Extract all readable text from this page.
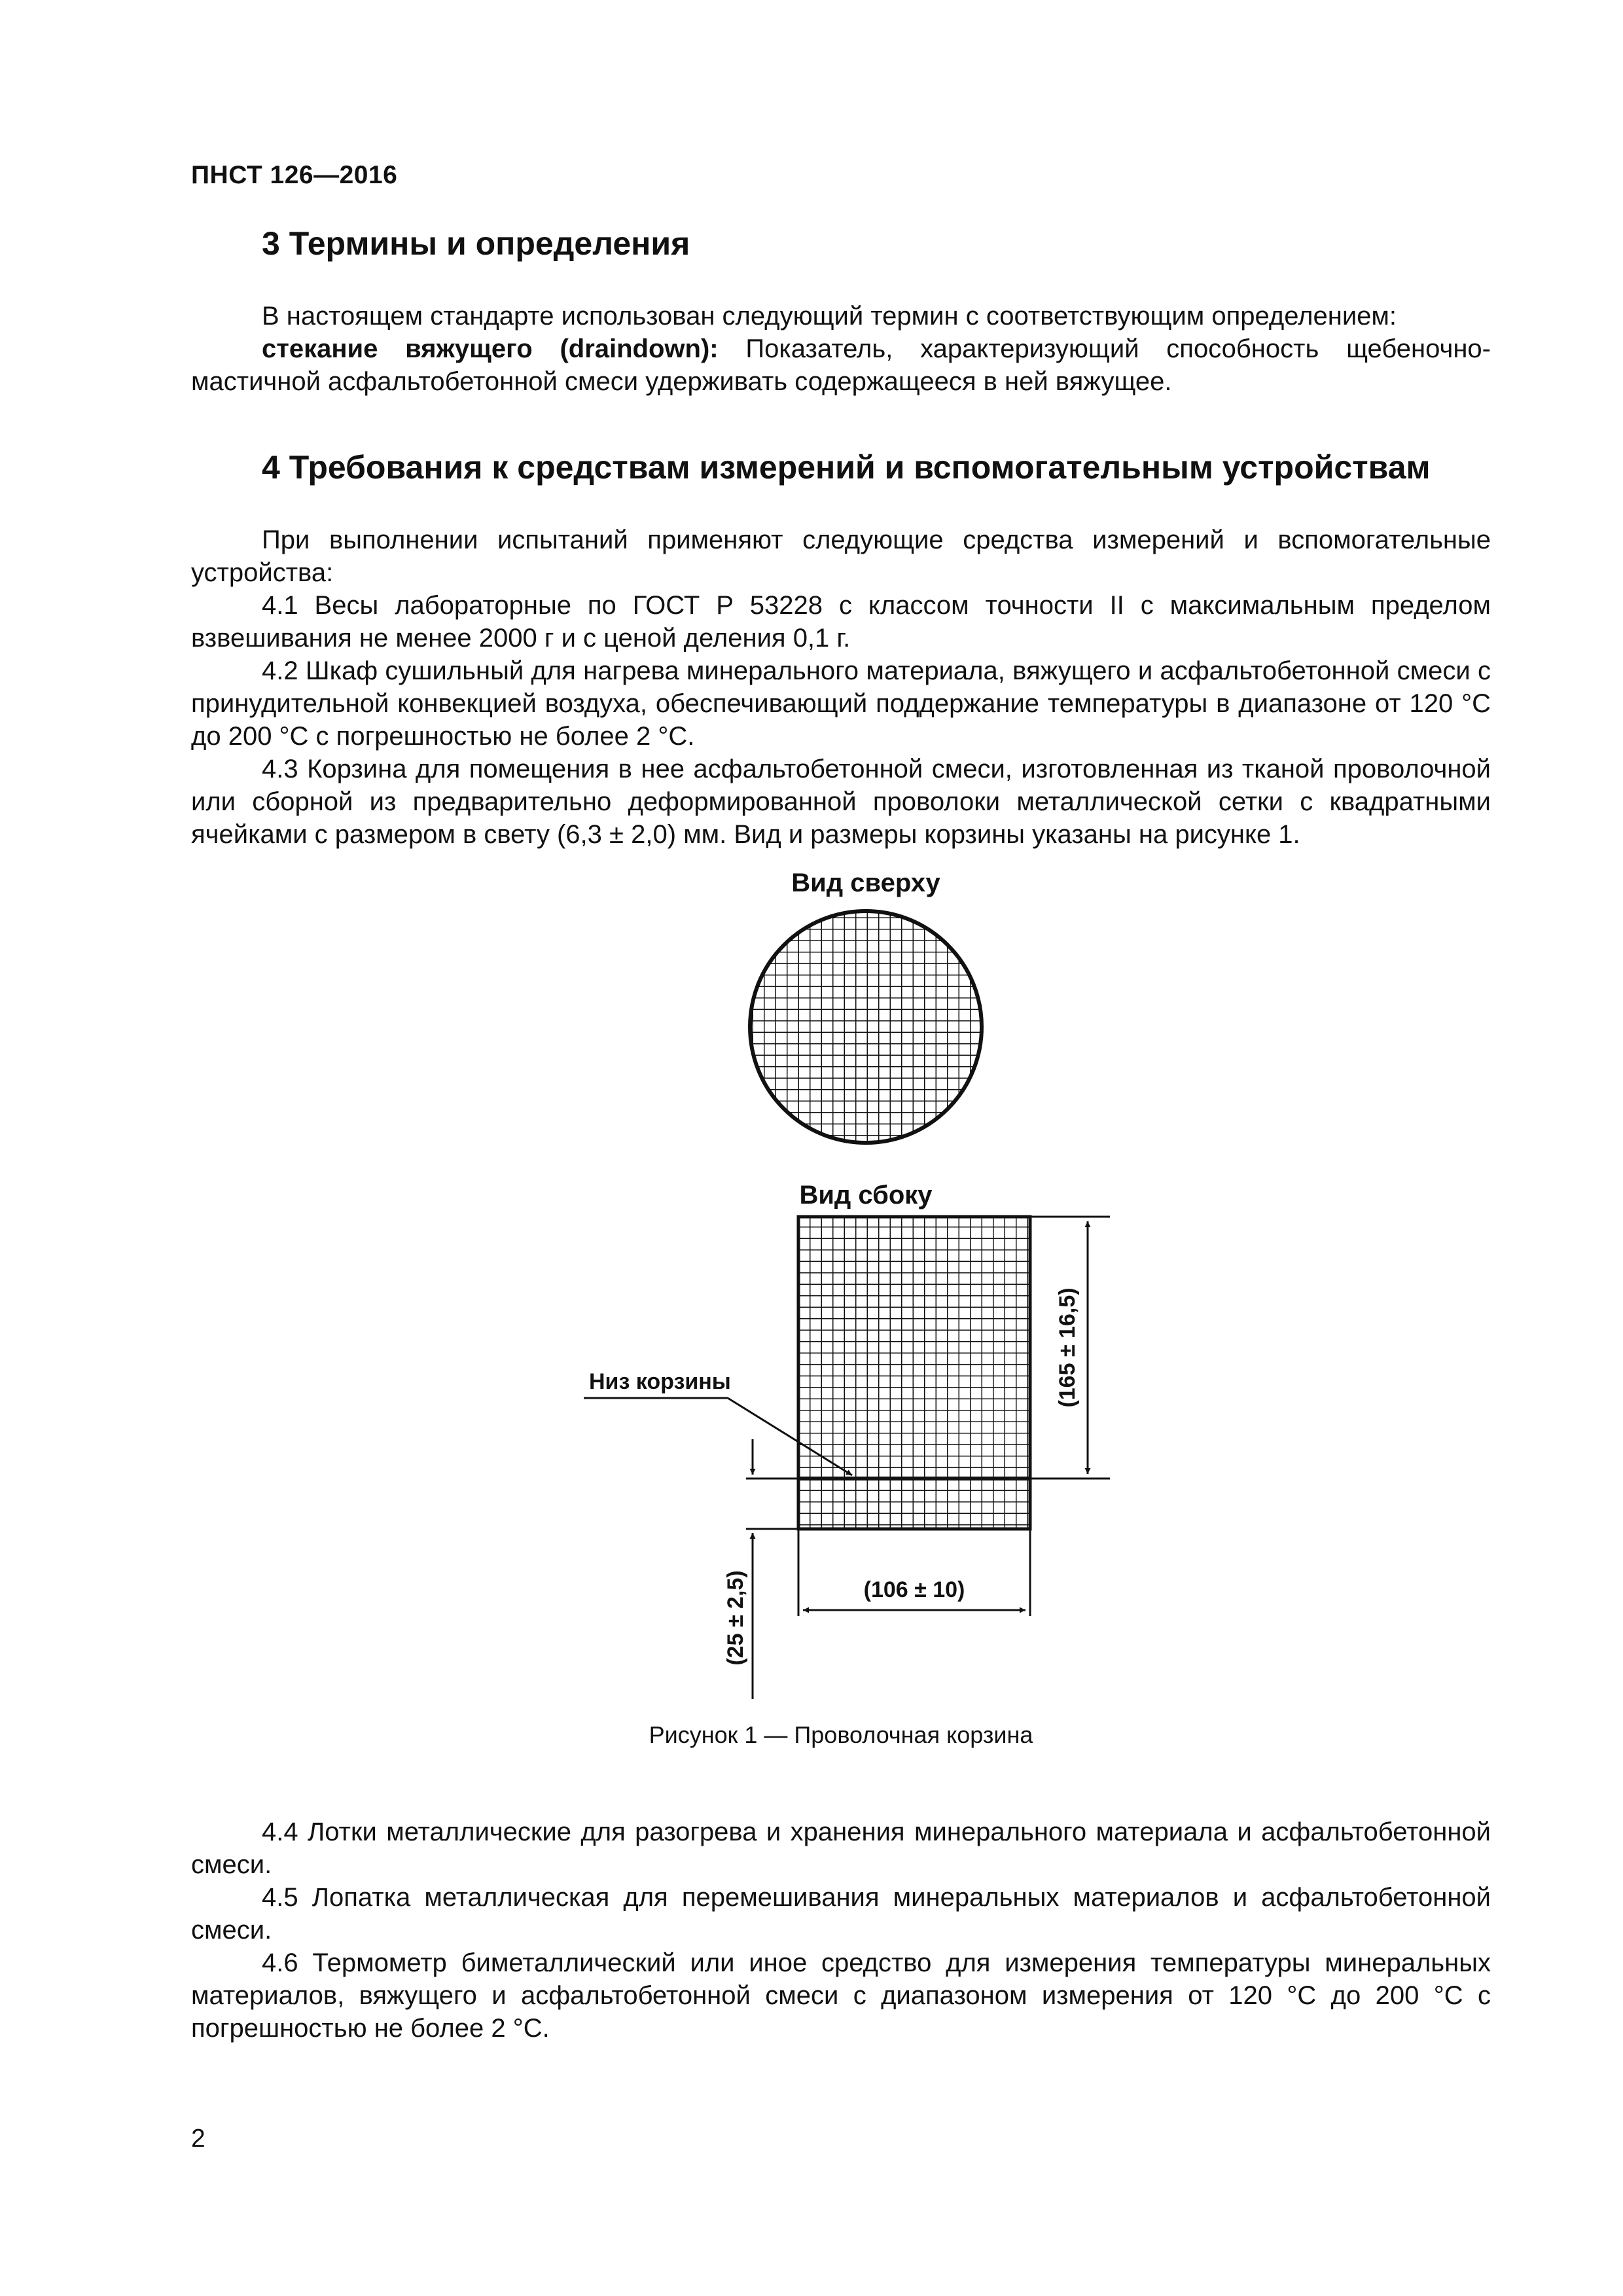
ПНСТ 126—2016
3 Термины и определения

В настоящем стандарте использован следующий термин с соответствующим определением:

стекание вяжущего (draindown): Показатель, характеризующий способность щебеночно-мастичной асфальтобетонной смеси удерживать содержащееся в ней вяжущее.

4 Требования к средствам измерений и вспомогательным устройствам

При выполнении испытаний применяют следующие средства измерений и вспомогательные устройства:

4.1 Весы лабораторные по ГОСТ Р 53228 с классом точности II с максимальным пределом взвешивания не менее 2000 г и с ценой деления 0,1 г.

4.2 Шкаф сушильный для нагрева минерального материала, вяжущего и асфальтобетонной смеси с принудительной конвекцией воздуха, обеспечивающий поддержание температуры в диапазоне от 120 °С до 200 °С с погрешностью не более 2 °С.

4.3 Корзина для помещения в нее асфальтобетонной смеси, изготовленная из тканой проволочной или сборной из предварительно деформированной проволоки металлической сетки с квадратными ячейками с размером в свету (6,3 ± 2,0) мм. Вид и размеры корзины указаны на рисунке 1.

Вид сверху
Вид сбоку
(165 ± 16,5)
(106 ± 10)
(25 ± 2,5)
Низ корзины
Рисунок 1 — Проволочная корзина

4.4 Лотки металлические для разогрева и хранения минерального материала и асфальтобетонной смеси.

4.5 Лопатка металлическая для перемешивания минеральных материалов и асфальтобетонной смеси.

4.6 Термометр биметаллический или иное средство для измерения температуры минеральных материалов, вяжущего и асфальтобетонной смеси с диапазоном измерения от 120 °С до 200 °С с погрешностью не более 2 °С.

2
